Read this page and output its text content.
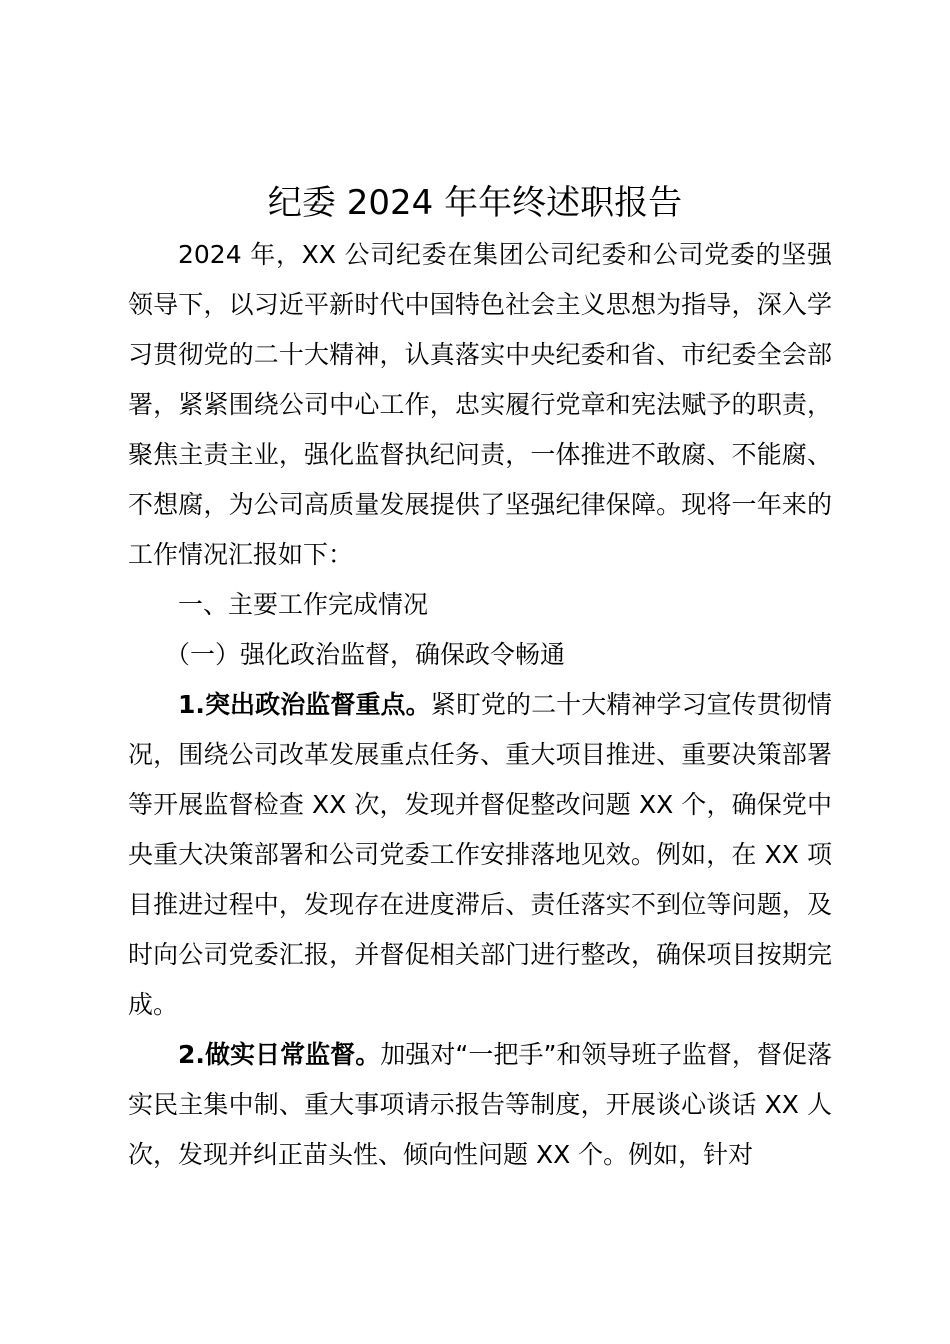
纪委 2024 年年终述职报告

2024 年，XX 公司纪委在集团公司纪委和公司党委的坚强领导下，以习近平新时代中国特色社会主义思想为指导，深入学习贯彻党的二十大精神，认真落实中央纪委和省、市纪委全会部署，紧紧围绕公司中心工作，忠实履行党章和宪法赋予的职责，聚焦主责主业，强化监督执纪问责，一体推进不敢腐、不能腐、不想腐，为公司高质量发展提供了坚强纪律保障。现将一年来的工作情况汇报如下：

一、主要工作完成情况

（一）强化政治监督，确保政令畅通

1.突出政治监督重点。紧盯党的二十大精神学习宣传贯彻情况，围绕公司改革发展重点任务、重大项目推进、重要决策部署等开展监督检查 XX 次，发现并督促整改问题 XX 个，确保党中央重大决策部署和公司党委工作安排落地见效。例如，在 XX 项目推进过程中，发现存在进度滞后、责任落实不到位等问题，及时向公司党委汇报，并督促相关部门进行整改，确保项目按期完成。

2.做实日常监督。加强对“一把手”和领导班子监督，督促落实民主集中制、重大事项请示报告等制度，开展谈心谈话 XX 人次，发现并纠正苗头性、倾向性问题 XX 个。例如，针对
